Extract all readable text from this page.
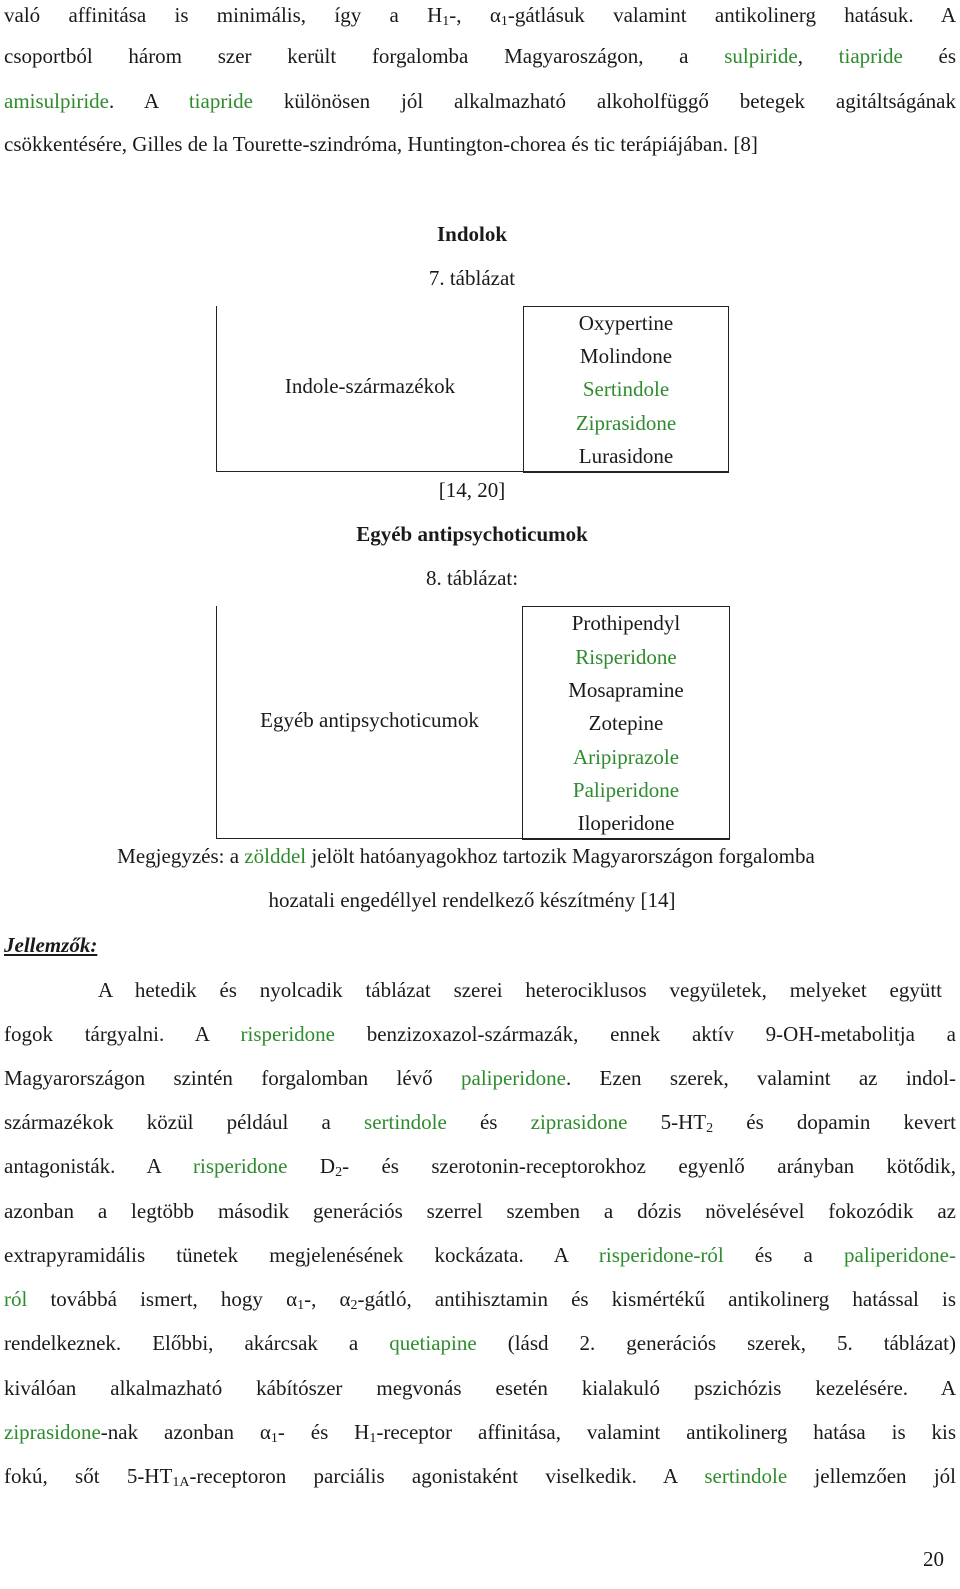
való affinitása is minimális, így a $H_1-$, $\alpha_1$-gátlásuk valamint antikolinerg hatásuk. A
csoportból három szer került forgalomba Magyaroszágon, a sulpiride, tiapride és
amisulpiride. A tiapride különösen jól alkalmazható alkoholfüggő betegek agitáltságának
csökkentésére, Gilles de la Tourette-szindróma, Huntington-chorea és tic terápiájában. [8]
Indolok
7. táblázat
Indole-származékok
Oxypertine
Molindone
Sertindole
Ziprasidone
Lurasidone
[14, 20]
Egyéb antipsychoticumok
8. táblázat:
Egyéb antipsychoticumok
Prothipendyl
Risperidone
Mosapramine
Zotepine
Aripiprazole
Paliperidone
Iloperidone
Megjegyzés: a zölddel jelölt hatóanyagokhoz tartozik Magyarországon forgalomba
hozatali engedéllyel rendelkező készítmény [14]
Jellemzők:
A hetedik és nyolcadik táblázat szerei heterociklusos vegyületek, melyeket együtt
fogok tárgyalni. A risperidone benzizoxazol-származák, ennek aktív 9-OH-metabolitja a
Magyarországon szintén forgalomban lévő paliperidone. Ezen szerek, valamint az indol-
származékok közül például a sertindole és ziprasidone $5-HT_2$ és dopamin kevert
antagonisták. A risperidone $D_2-$ és szerotonin-receptorokhoz egyenlő arányban kötődik,
azonban a legtöbb második generációs szerrel szemben a dózis növelésével fokozódik az
extrapyramidális tünetek megjelenésének kockázata. A risperidone-ról és a paliperidone-
ról továbbá ismert, hogy $\alpha_1-$, $\alpha_2$-gátló, antihisztamin és kismértékű antikolinerg hatással is
rendelkeznek. Előbbi, akárcsak a quetiapine (lásd 2. generációs szerek, 5. táblázat)
kiválóan alkalmazható kábítószer megvonás esetén kialakuló pszichózis kezelésére. A
ziprasidone-nak azonban $\alpha_1-$ és $H_1$-receptor affinitása, valamint antikolinerg hatása is kis
fokú, sőt $5-HT_{1A}$-receptoron parciális agonistaként viselkedik. A sertindole jellemzően jól
20
